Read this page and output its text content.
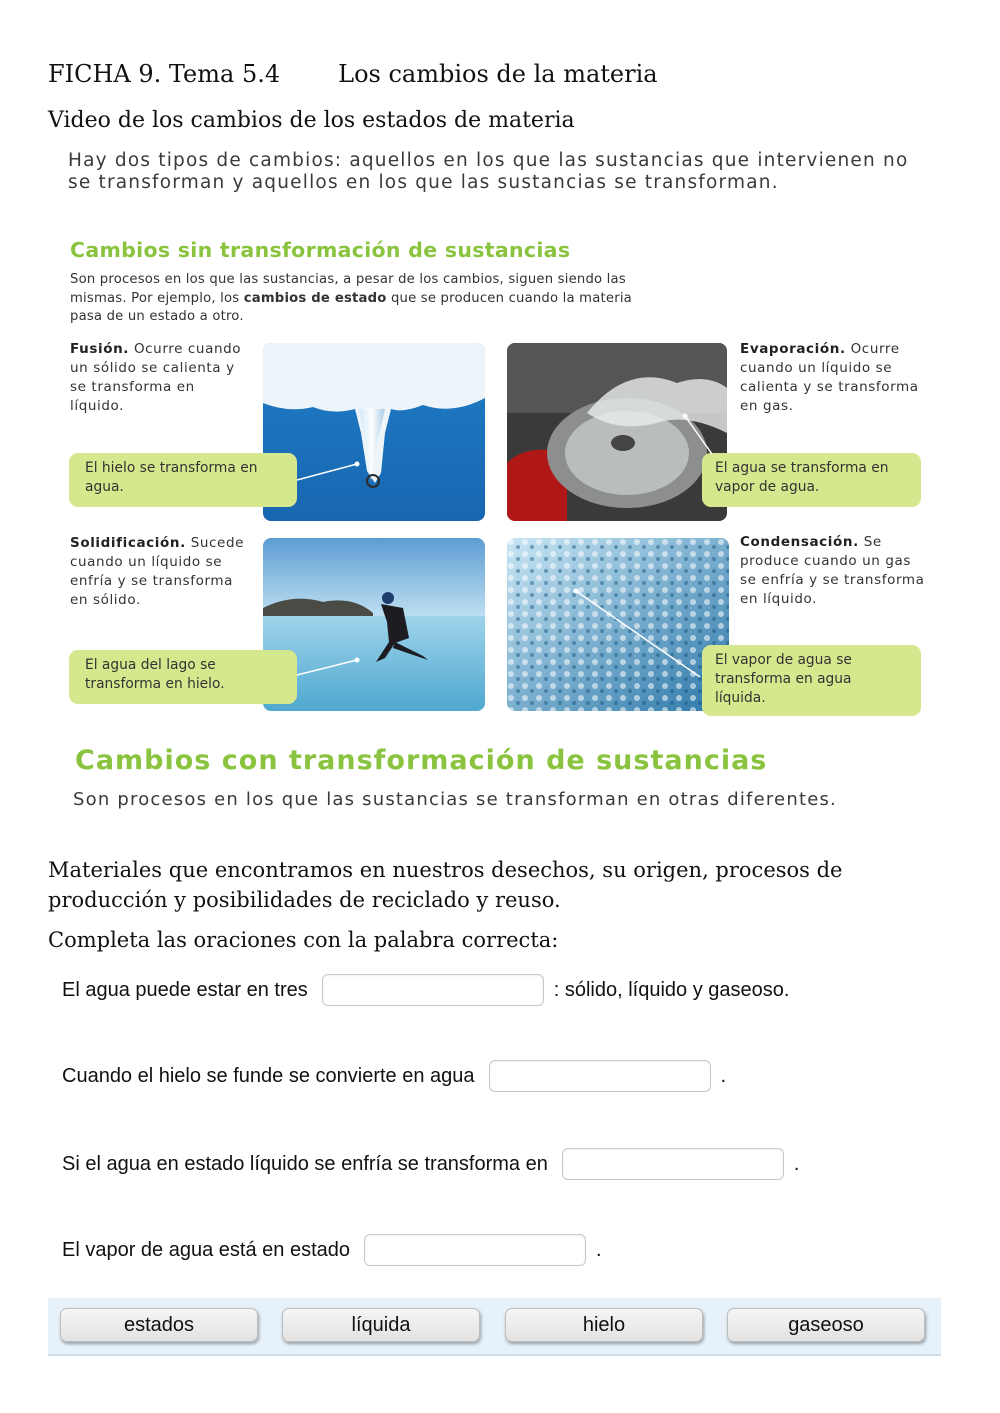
FICHA 9. Tema 5.4 Los cambios de la materia
Video de los cambios de los estados de materia
Hay dos tipos de cambios: aquellos en los que las sustancias que intervienen no se transforman y aquellos en los que las sustancias se transforman.
Cambios sin transformación de sustancias
Son procesos en los que las sustancias, a pesar de los cambios, siguen siendo las mismas. Por ejemplo, los cambios de estado que se producen cuando la materia pasa de un estado a otro.
Fusión. Ocurre cuando un sólido se calienta y se transforma en líquido.
El hielo se transforma en agua.
Evaporación. Ocurre cuando un líquido se calienta y se transforma en gas.
El agua se transforma en vapor de agua.
Solidificación. Sucede cuando un líquido se enfría y se transforma en sólido.
El agua del lago se transforma en hielo.
Condensación. Se produce cuando un gas se enfría y se transforma en líquido.
El vapor de agua se transforma en agua líquida.
Cambios con transformación de sustancias
Son procesos en los que las sustancias se transforman en otras diferentes.
Materiales que encontramos en nuestros desechos, su origen, procesos de producción y posibilidades de reciclado y reuso.
Completa las oraciones con la palabra correcta:
El agua puede estar en tres	: sólido, líquido y gaseoso.
Cuando el hielo se funde se convierte en agua	.
Si el agua en estado líquido se enfría se transforma en	.
El vapor de agua está en estado	.
estados	líquida	hielo	gaseoso
